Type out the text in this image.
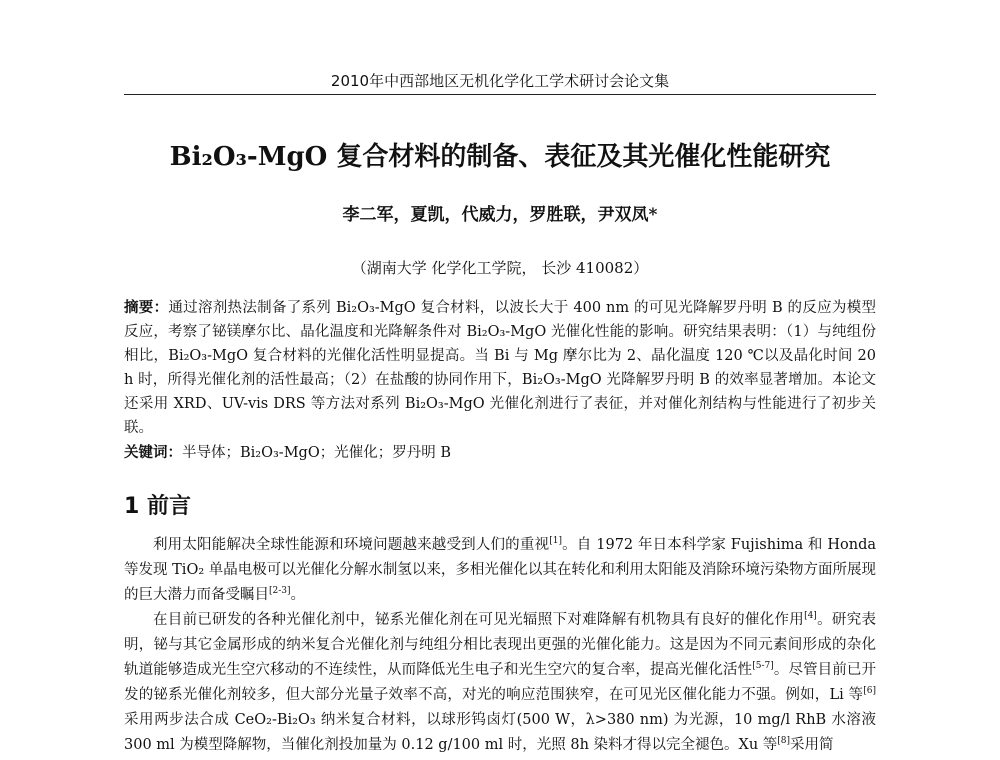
2010年中西部地区无机化学化工学术研讨会论文集
Bi₂O₃-MgO 复合材料的制备、表征及其光催化性能研究
李二军，夏凯，代威力，罗胜联，尹双凤*
（湖南大学 化学化工学院， 长沙 410082）
摘要：通过溶剂热法制备了系列 Bi₂O₃-MgO 复合材料，以波长大于 400 nm 的可见光降解罗丹明 B 的反应为模型反应，考察了铋镁摩尔比、晶化温度和光降解条件对 Bi₂O₃-MgO 光催化性能的影响。研究结果表明：（1）与纯组份相比，Bi₂O₃-MgO 复合材料的光催化活性明显提高。当 Bi 与 Mg 摩尔比为 2、晶化温度 120 ℃以及晶化时间 20 h 时，所得光催化剂的活性最高；（2）在盐酸的协同作用下，Bi₂O₃-MgO 光降解罗丹明 B 的效率显著增加。本论文还采用 XRD、UV-vis DRS 等方法对系列 Bi₂O₃-MgO 光催化剂进行了表征，并对催化剂结构与性能进行了初步关联。
关键词：半导体；Bi₂O₃-MgO；光催化；罗丹明 B
1 前言

利用太阳能解决全球性能源和环境问题越来越受到人们的重视[1]。自 1972 年日本科学家 Fujishima 和 Honda 等发现 TiO₂ 单晶电极可以光催化分解水制氢以来，多相光催化以其在转化和利用太阳能及消除环境污染物方面所展现的巨大潜力而备受瞩目[2-3]。

在目前已研发的各种光催化剂中，铋系光催化剂在可见光辐照下对难降解有机物具有良好的催化作用[4]。研究表明，铋与其它金属形成的纳米复合光催化剂与纯组分相比表现出更强的光催化能力。这是因为不同元素间形成的杂化轨道能够造成光生空穴移动的不连续性，从而降低光生电子和光生空穴的复合率，提高光催化活性[5-7]。尽管目前已开发的铋系光催化剂较多，但大部分光量子效率不高，对光的响应范围狭窄，在可见光区催化能力不强。例如，Li 等[6]采用两步法合成 CeO₂-Bi₂O₃ 纳米复合材料，以球形钨卤灯(500 W，λ>380 nm) 为光源，10 mg/l RhB 水溶液 300 ml 为模型降解物，当催化剂投加量为 0.12 g/100 ml 时，光照 8h 染料才得以完全褪色。Xu 等[8]采用简
